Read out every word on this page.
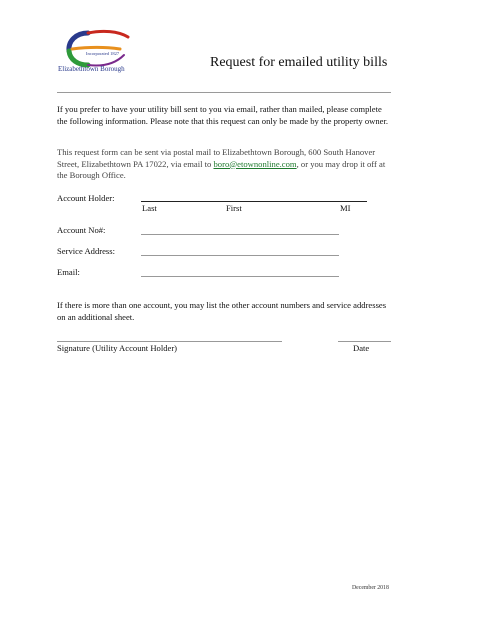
Incorporated 1827
Elizabethtown Borough	Request for emailed utility bills
If you prefer to have your utility bill sent to you via email, rather than mailed, please complete the following information. Please note that this request can only be made by the property owner.
This request form can be sent via postal mail to Elizabethtown Borough, 600 South Hanover Street, Elizabethtown PA 17022, via email to boro@etownonline.com, or you may drop it off at the Borough Office.
Account Holder:
Last	First	MI
Account No#:
Service Address:
Email:
If there is more than one account, you may list the other account numbers and service addresses on an additional sheet.
Signature (Utility Account Holder)	Date
December 2018
